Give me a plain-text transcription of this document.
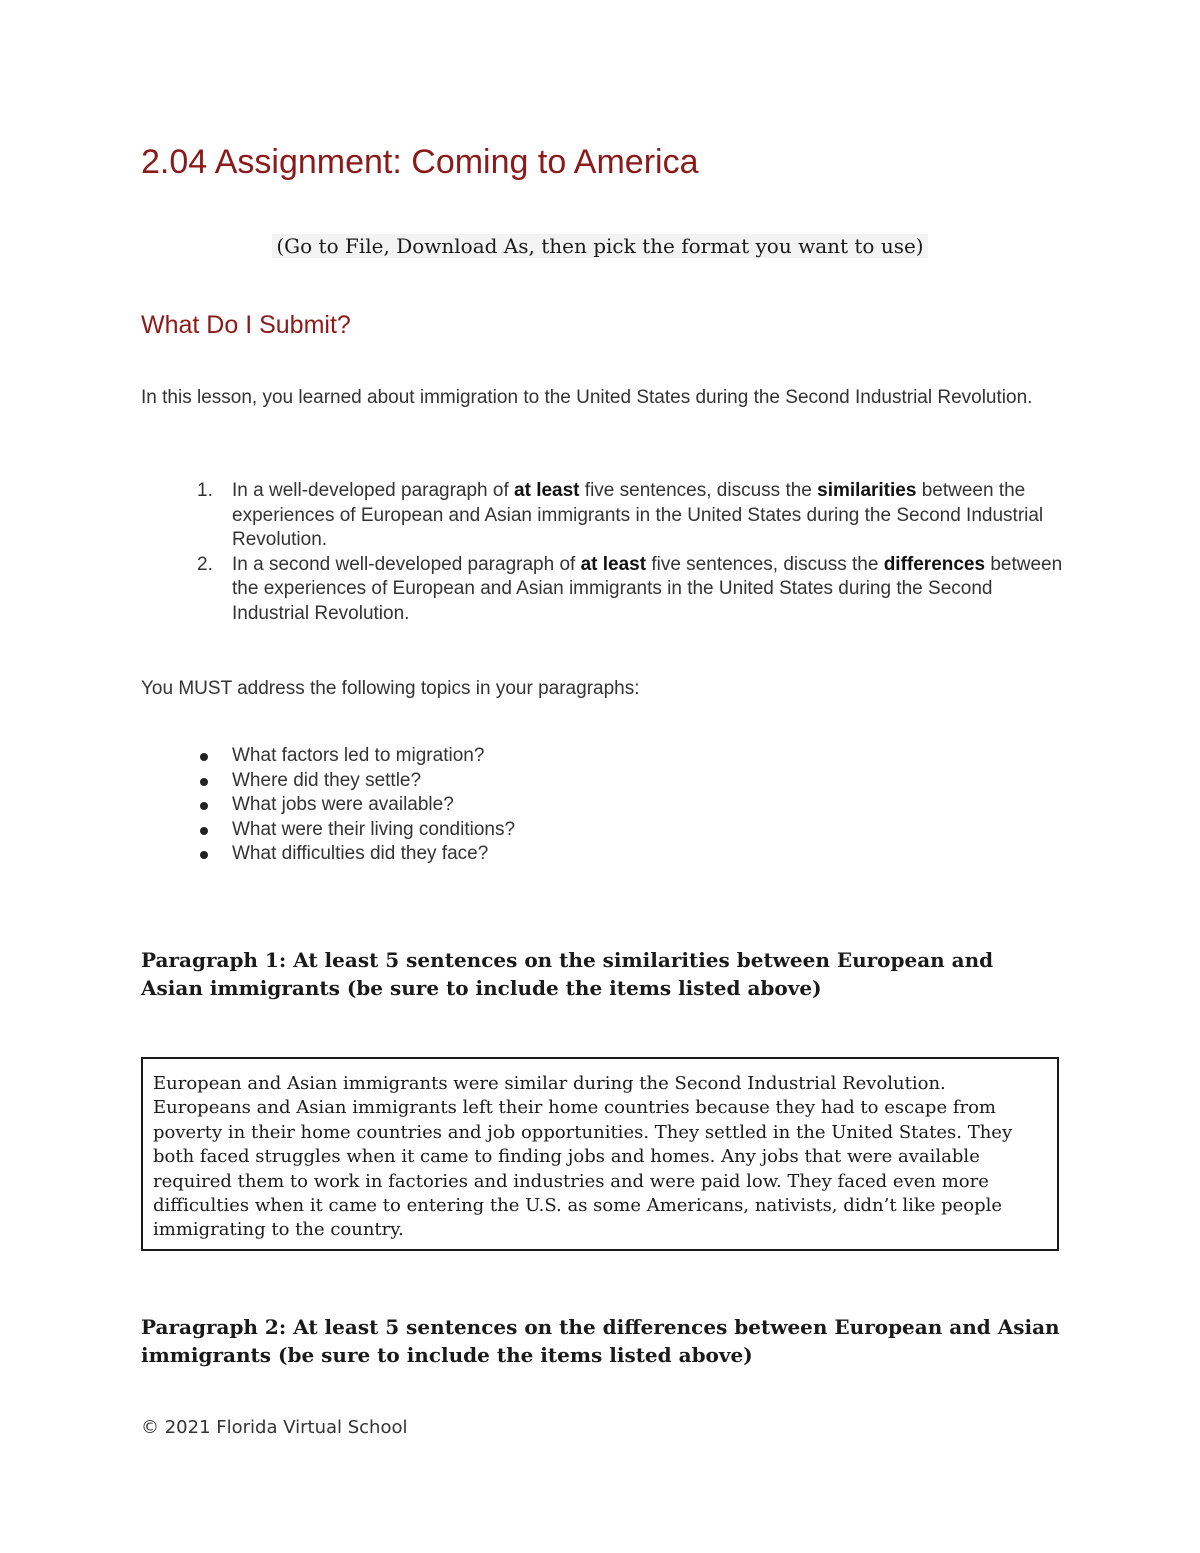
2.04 Assignment: Coming to America

(Go to File, Download As, then pick the format you want to use)

What Do I Submit?

In this lesson, you learned about immigration to the United States during the Second Industrial Revolution.

1. In a well-developed paragraph of at least five sentences, discuss the similarities between the experiences of European and Asian immigrants in the United States during the Second Industrial Revolution.
2. In a second well-developed paragraph of at least five sentences, discuss the differences between the experiences of European and Asian immigrants in the United States during the Second Industrial Revolution.

You MUST address the following topics in your paragraphs:

What factors led to migration?
Where did they settle?
What jobs were available?
What were their living conditions?
What difficulties did they face?

Paragraph 1: At least 5 sentences on the similarities between European and Asian immigrants (be sure to include the items listed above)

European and Asian immigrants were similar during the Second Industrial Revolution. Europeans and Asian immigrants left their home countries because they had to escape from poverty in their home countries and job opportunities. They settled in the United States. They both faced struggles when it came to finding jobs and homes. Any jobs that were available required them to work in factories and industries and were paid low. They faced even more difficulties when it came to entering the U.S. as some Americans, nativists, didn’t like people immigrating to the country.

Paragraph 2: At least 5 sentences on the differences between European and Asian immigrants (be sure to include the items listed above)

© 2021 Florida Virtual School
